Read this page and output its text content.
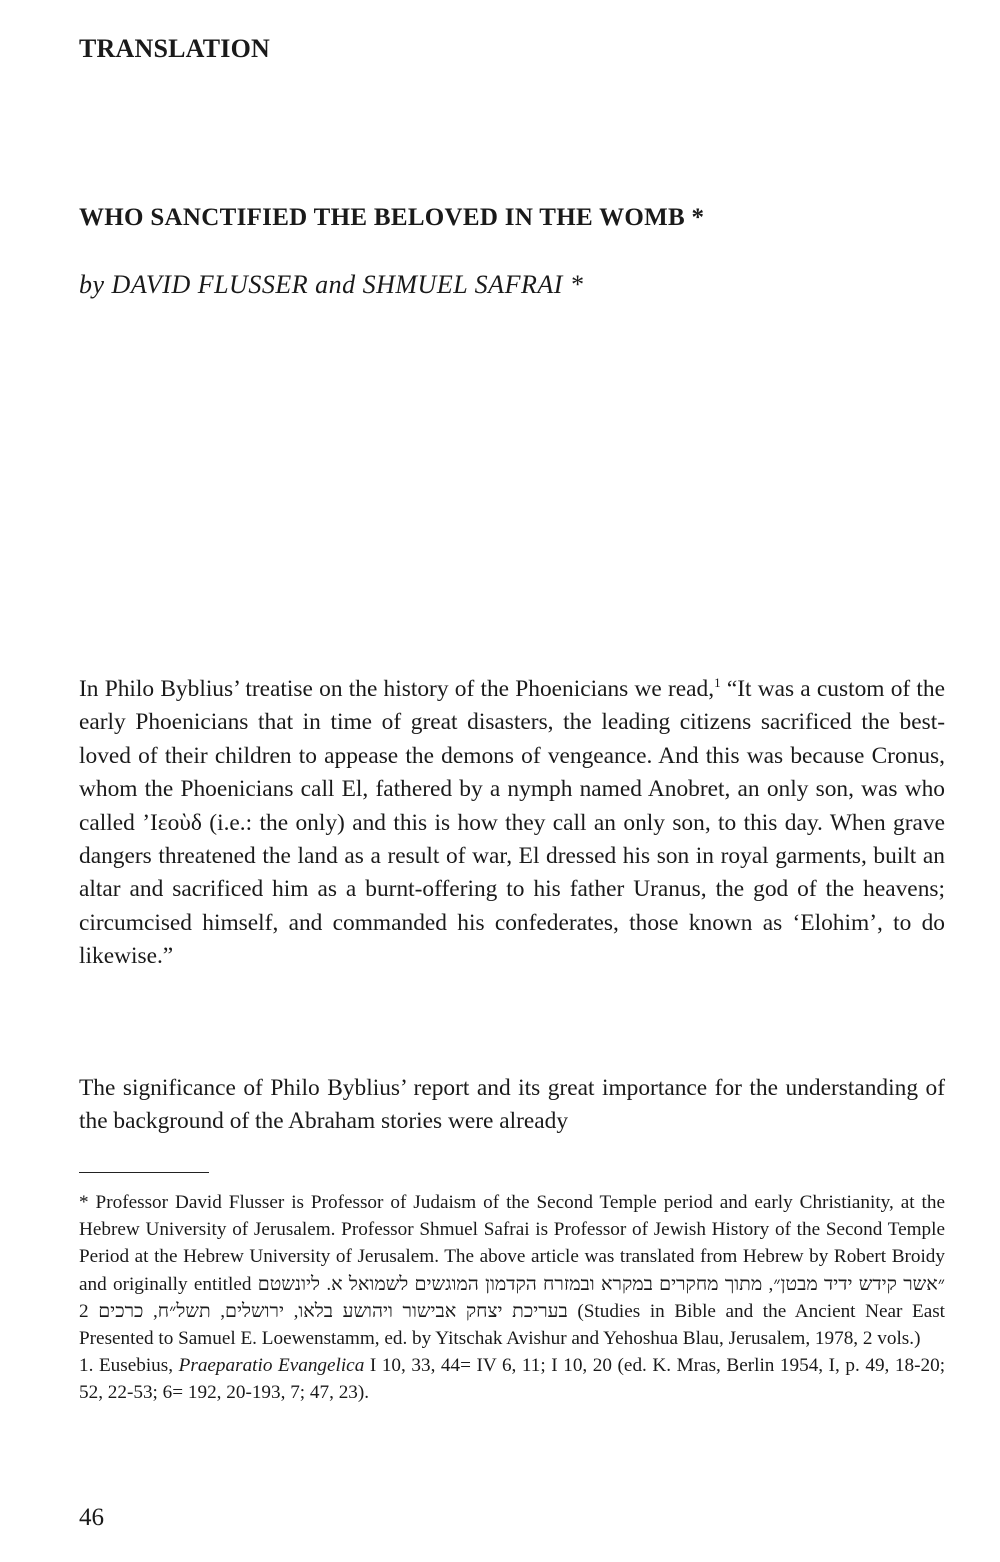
TRANSLATION
WHO SANCTIFIED THE BELOVED IN THE WOMB *
by DAVID FLUSSER and SHMUEL SAFRAI *
In Philo Byblius’ treatise on the history of the Phoenicians we read,$^1$ “It was a custom of the early Phoenicians that in time of great disasters, the leading citizens sacrificed the best-loved of their children to appease the demons of vengeance. And this was because Cronus, whom the Phoenicians call El, fathered by a nymph named Anobret, an only son, was who called ’Ιεοὺδ (i.e.: the only) and this is how they call an only son, to this day. When grave dangers threatened the land as a result of war, El dressed his son in royal garments, built an altar and sacrificed him as a burnt-offering to his father Uranus, the god of the heavens; circumcised himself, and commanded his confederates, those known as ‘Elohim’, to do likewise.”
The significance of Philo Byblius’ report and its great importance for the understanding of the background of the Abraham stories were already

* Professor David Flusser is Professor of Judaism of the Second Temple period and early Christianity, at the Hebrew University of Jerusalem. Professor Shmuel Safrai is Professor of Jewish History of the Second Temple Period at the Hebrew University of Jerusalem. The above article was translated from Hebrew by Robert Broidy and originally entitled ״אשר קידש ידיד מבטן״, מתוך מחקרים במקרא ובמזרח הקדמון המוגשים לשמואל א. ליונשטם בעריכת יצחק אבישור ויהושע בלאו, ירושלים, תשל״ח, כרכים 2 (Studies in Bible and the Ancient Near East Presented to Samuel E. Loewenstamm, ed. by Yitschak Avishur and Yehoshua Blau, Jerusalem, 1978, 2 vols.)

1. Eusebius, Praeparatio Evangelica I 10, 33, 44= IV 6, 11; I 10, 20 (ed. K. Mras, Berlin 1954, I, p. 49, 18-20; 52, 22-53; 6= 192, 20-193, 7; 47, 23).

46
